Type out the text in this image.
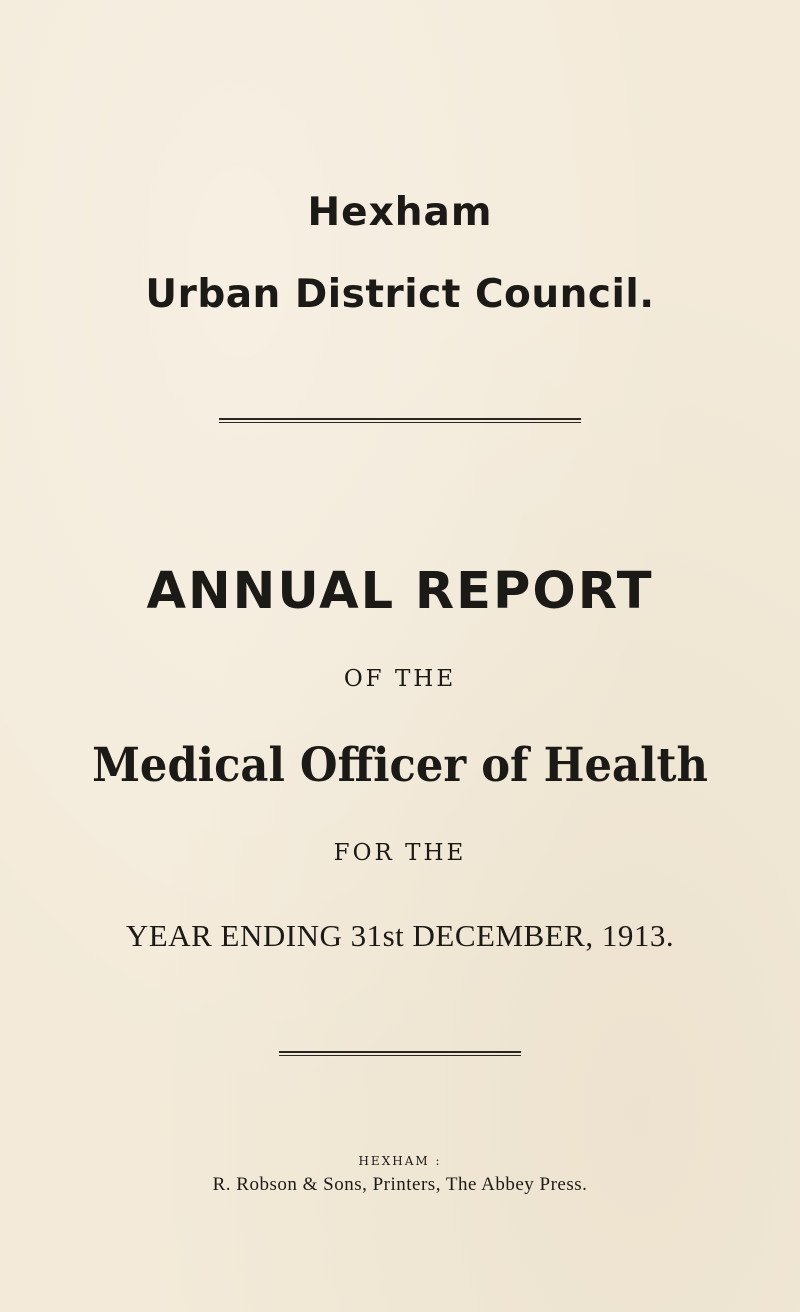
Hexham
Urban District Council.
ANNUAL REPORT
OF THE
Medical Officer of Health
FOR THE
YEAR ENDING 31st DECEMBER, 1913.
HEXHAM :
R. Robson & Sons, Printers, The Abbey Press.
